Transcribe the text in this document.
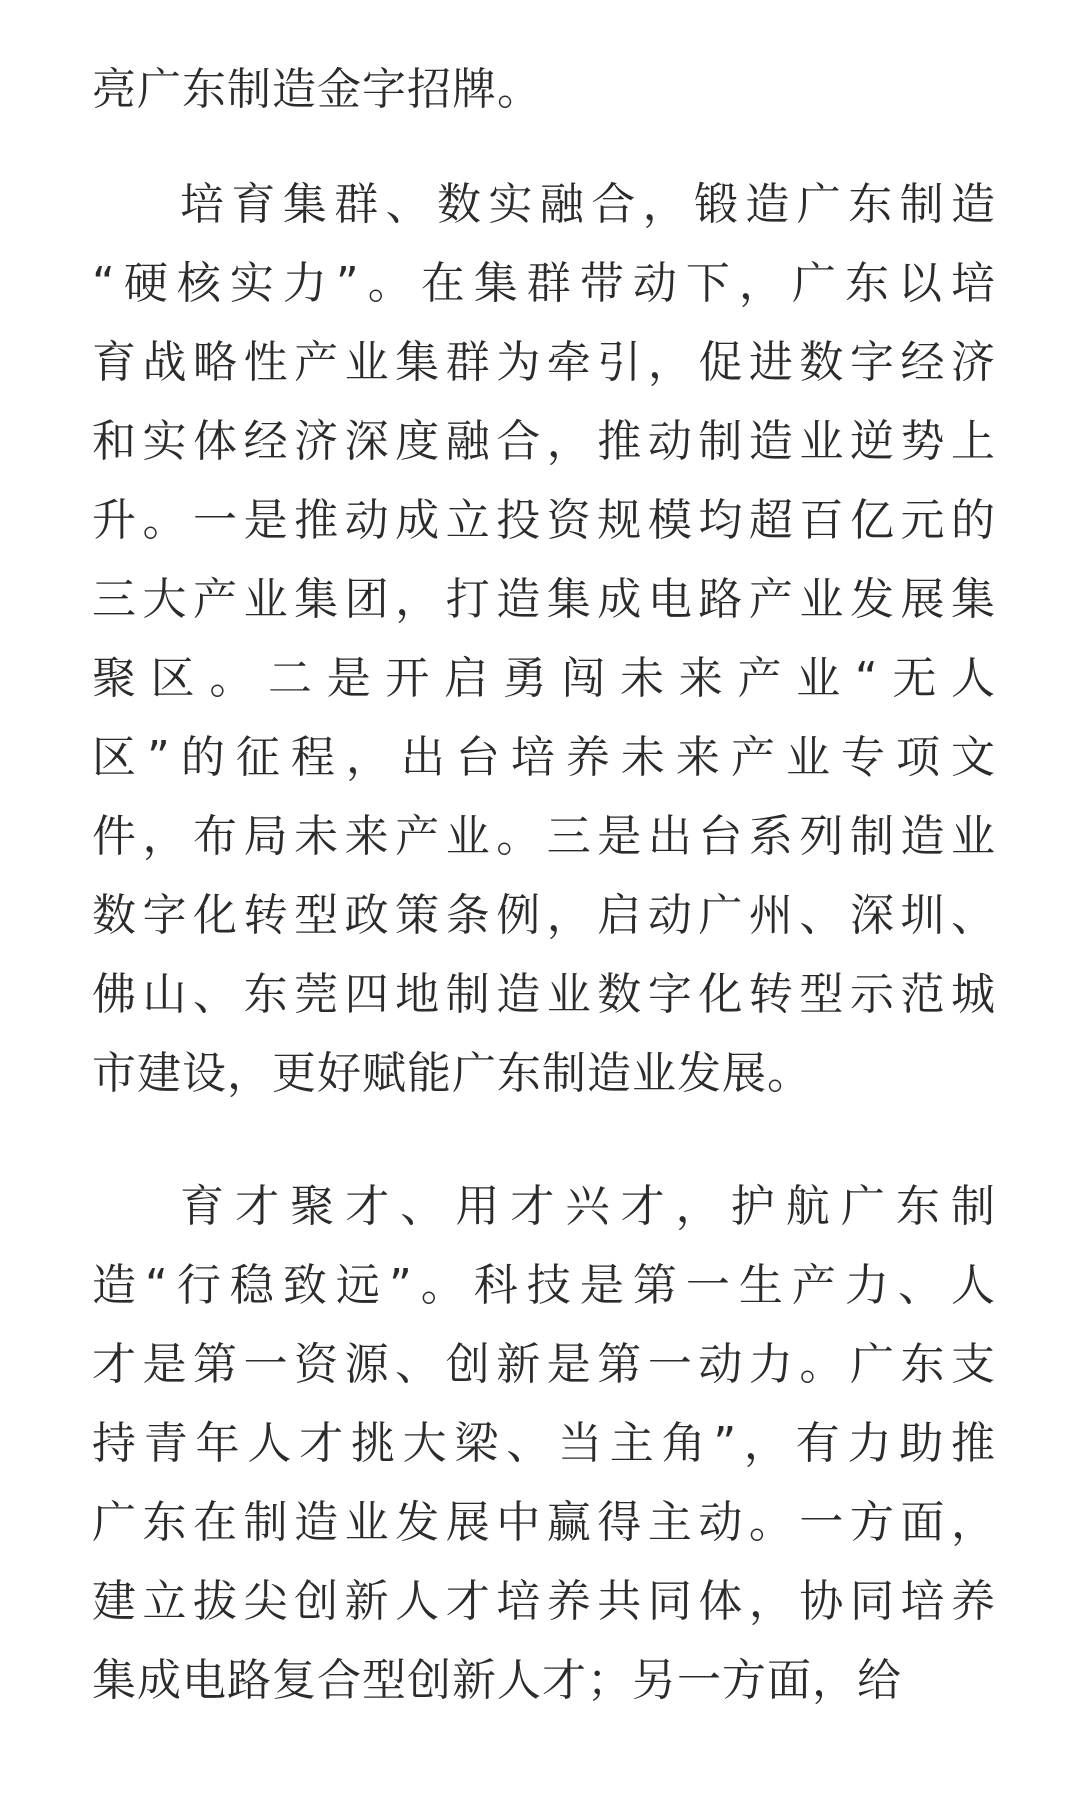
亮广东制造金字招牌。
培育集群、数实融合，锻造广东制造
“硬核实力”。在集群带动下，广东以培
育战略性产业集群为牵引，促进数字经济
和实体经济深度融合，推动制造业逆势上
升。一是推动成立投资规模均超百亿元的
三大产业集团，打造集成电路产业发展集
聚区。二是开启勇闯未来产业“无人
区”的征程，出台培养未来产业专项文
件，布局未来产业。三是出台系列制造业
数字化转型政策条例，启动广州、深圳、
佛山、东莞四地制造业数字化转型示范城
市建设，更好赋能广东制造业发展。
育才聚才、用才兴才，护航广东制
造“行稳致远”。科技是第一生产力、人
才是第一资源、创新是第一动力。广东支
持青年人才挑大梁、当主角”，有力助推
广东在制造业发展中赢得主动。一方面，
建立拔尖创新人才培养共同体，协同培养
集成电路复合型创新人才；另一方面，给
